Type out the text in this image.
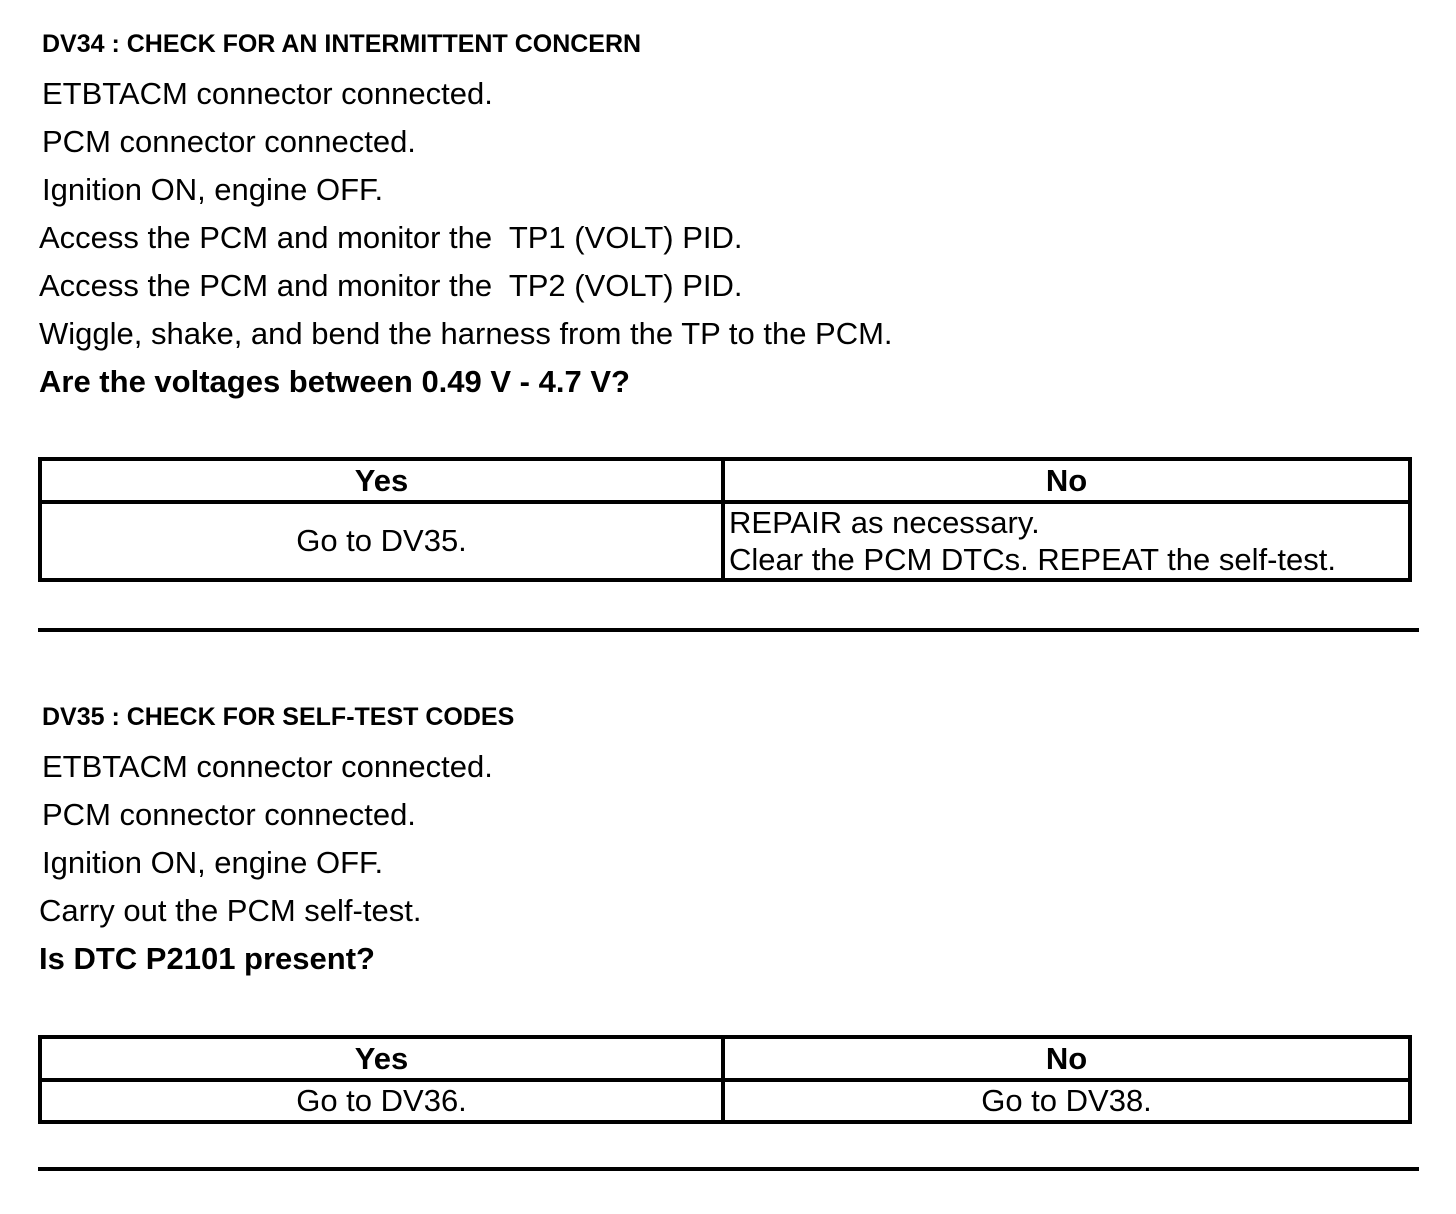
DV34 : CHECK FOR AN INTERMITTENT CONCERN
ETBTACM connector connected.
PCM connector connected.
Ignition ON, engine OFF.
Access the PCM and monitor the  TP1 (VOLT) PID.
Access the PCM and monitor the  TP2 (VOLT) PID.
Wiggle, shake, and bend the harness from the TP to the PCM.
Are the voltages between 0.49 V - 4.7 V?
Yes	No
Go to DV35.	REPAIR as necessary.
Clear the PCM DTCs. REPEAT the self-test.
DV35 : CHECK FOR SELF-TEST CODES
ETBTACM connector connected.
PCM connector connected.
Ignition ON, engine OFF.
Carry out the PCM self-test.
Is DTC P2101 present?
Yes	No
Go to DV36.	Go to DV38.
